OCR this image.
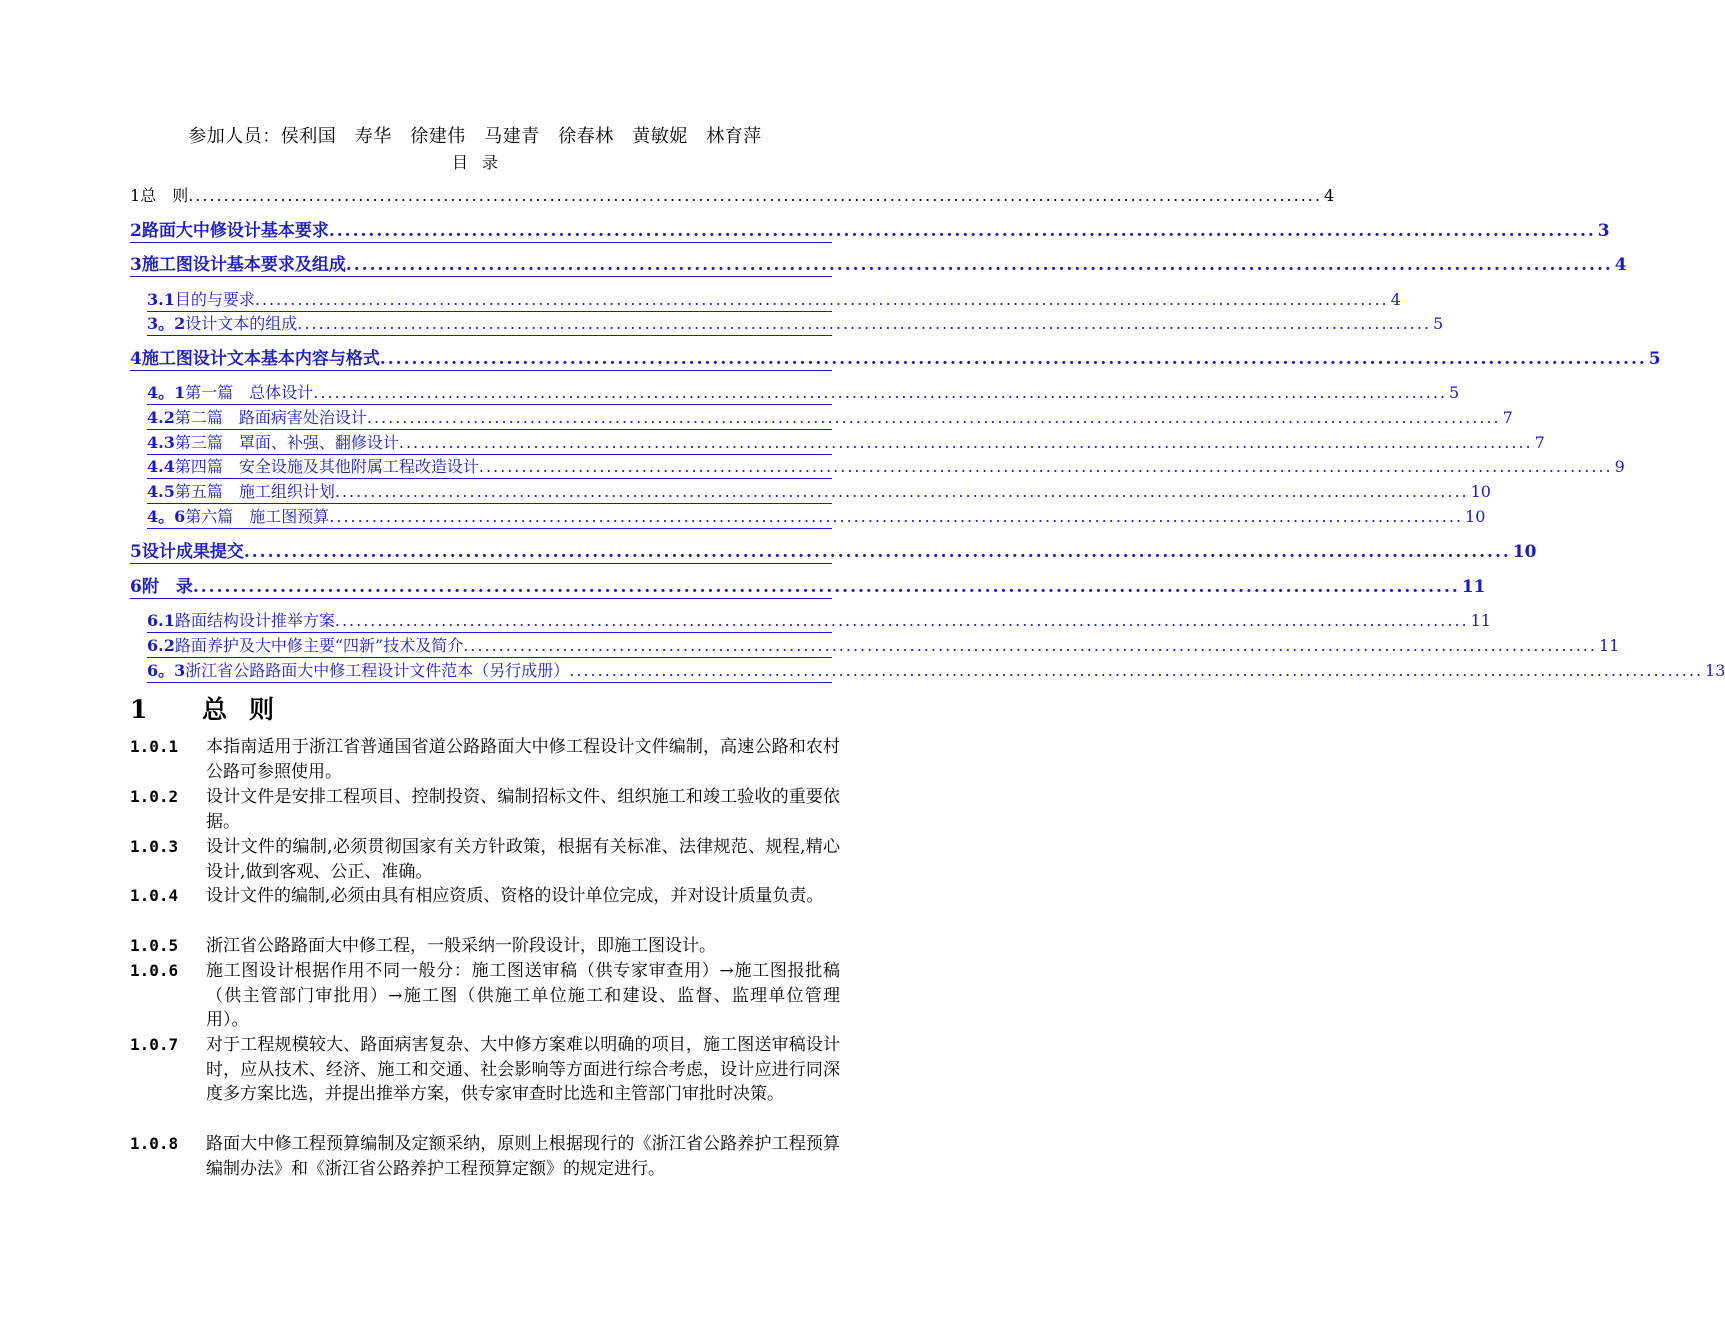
参加人员：侯利国　寿华　徐建伟　马建青　徐春林　黄敏妮　林育萍
目录
1 总　则 ................................................................................................................................................................ 4
2 路面大中修设计基本要求 ................................................................................................................................................................ 3
3 施工图设计基本要求及组成 ................................................................................................................................................................ 4
3.1 目的与要求 ................................................................................................................................................................ 4
3。2 设计文本的组成 ................................................................................................................................................................ 5
4 施工图设计文本基本内容与格式 ................................................................................................................................................................ 5
4。1 第一篇　总体设计 ................................................................................................................................................................ 5
4.2 第二篇　路面病害处治设计 ................................................................................................................................................................ 7
4.3 第三篇　罩面、补强、翻修设计 ................................................................................................................................................................ 7
4.4 第四篇　安全设施及其他附属工程改造设计 ................................................................................................................................................................ 9
4.5 第五篇　施工组织计划 ................................................................................................................................................................ 10
4。6 第六篇　施工图预算 ................................................................................................................................................................ 10
5 设计成果提交 ................................................................................................................................................................ 10
6 附　录 ................................................................................................................................................................ 11
6.1 路面结构设计推举方案 ................................................................................................................................................................ 11
6.2 路面养护及大中修主要“四新”技术及简介 ................................................................................................................................................................ 11
6。3 浙江省公路路面大中修工程设计文件范本（另行成册） ................................................................................................................................................................ 13
1 总则
1.0.1	本指南适用于浙江省普通国省道公路路面大中修工程设计文件编制，高速公路和农村公路可参照使用。
1.0.2	设计文件是安排工程项目、控制投资、编制招标文件、组织施工和竣工验收的重要依据。
1.0.3	设计文件的编制,必须贯彻国家有关方针政策，根据有关标准、法律规范、规程,精心设计,做到客观、公正、准确。
1.0.4	设计文件的编制,必须由具有相应资质、资格的设计单位完成，并对设计质量负责。
1.0.5	浙江省公路路面大中修工程，一般采纳一阶段设计，即施工图设计。
1.0.6	施工图设计根据作用不同一般分：施工图送审稿（供专家审查用）→施工图报批稿（供主管部门审批用）→施工图（供施工单位施工和建设、监督、监理单位管理用）。
1.0.7	对于工程规模较大、路面病害复杂、大中修方案难以明确的项目，施工图送审稿设计时，应从技术、经济、施工和交通、社会影响等方面进行综合考虑，设计应进行同深度多方案比选，并提出推举方案，供专家审查时比选和主管部门审批时决策。
1.0.8	路面大中修工程预算编制及定额采纳，原则上根据现行的《浙江省公路养护工程预算编制办法》和《浙江省公路养护工程预算定额》的规定进行。
